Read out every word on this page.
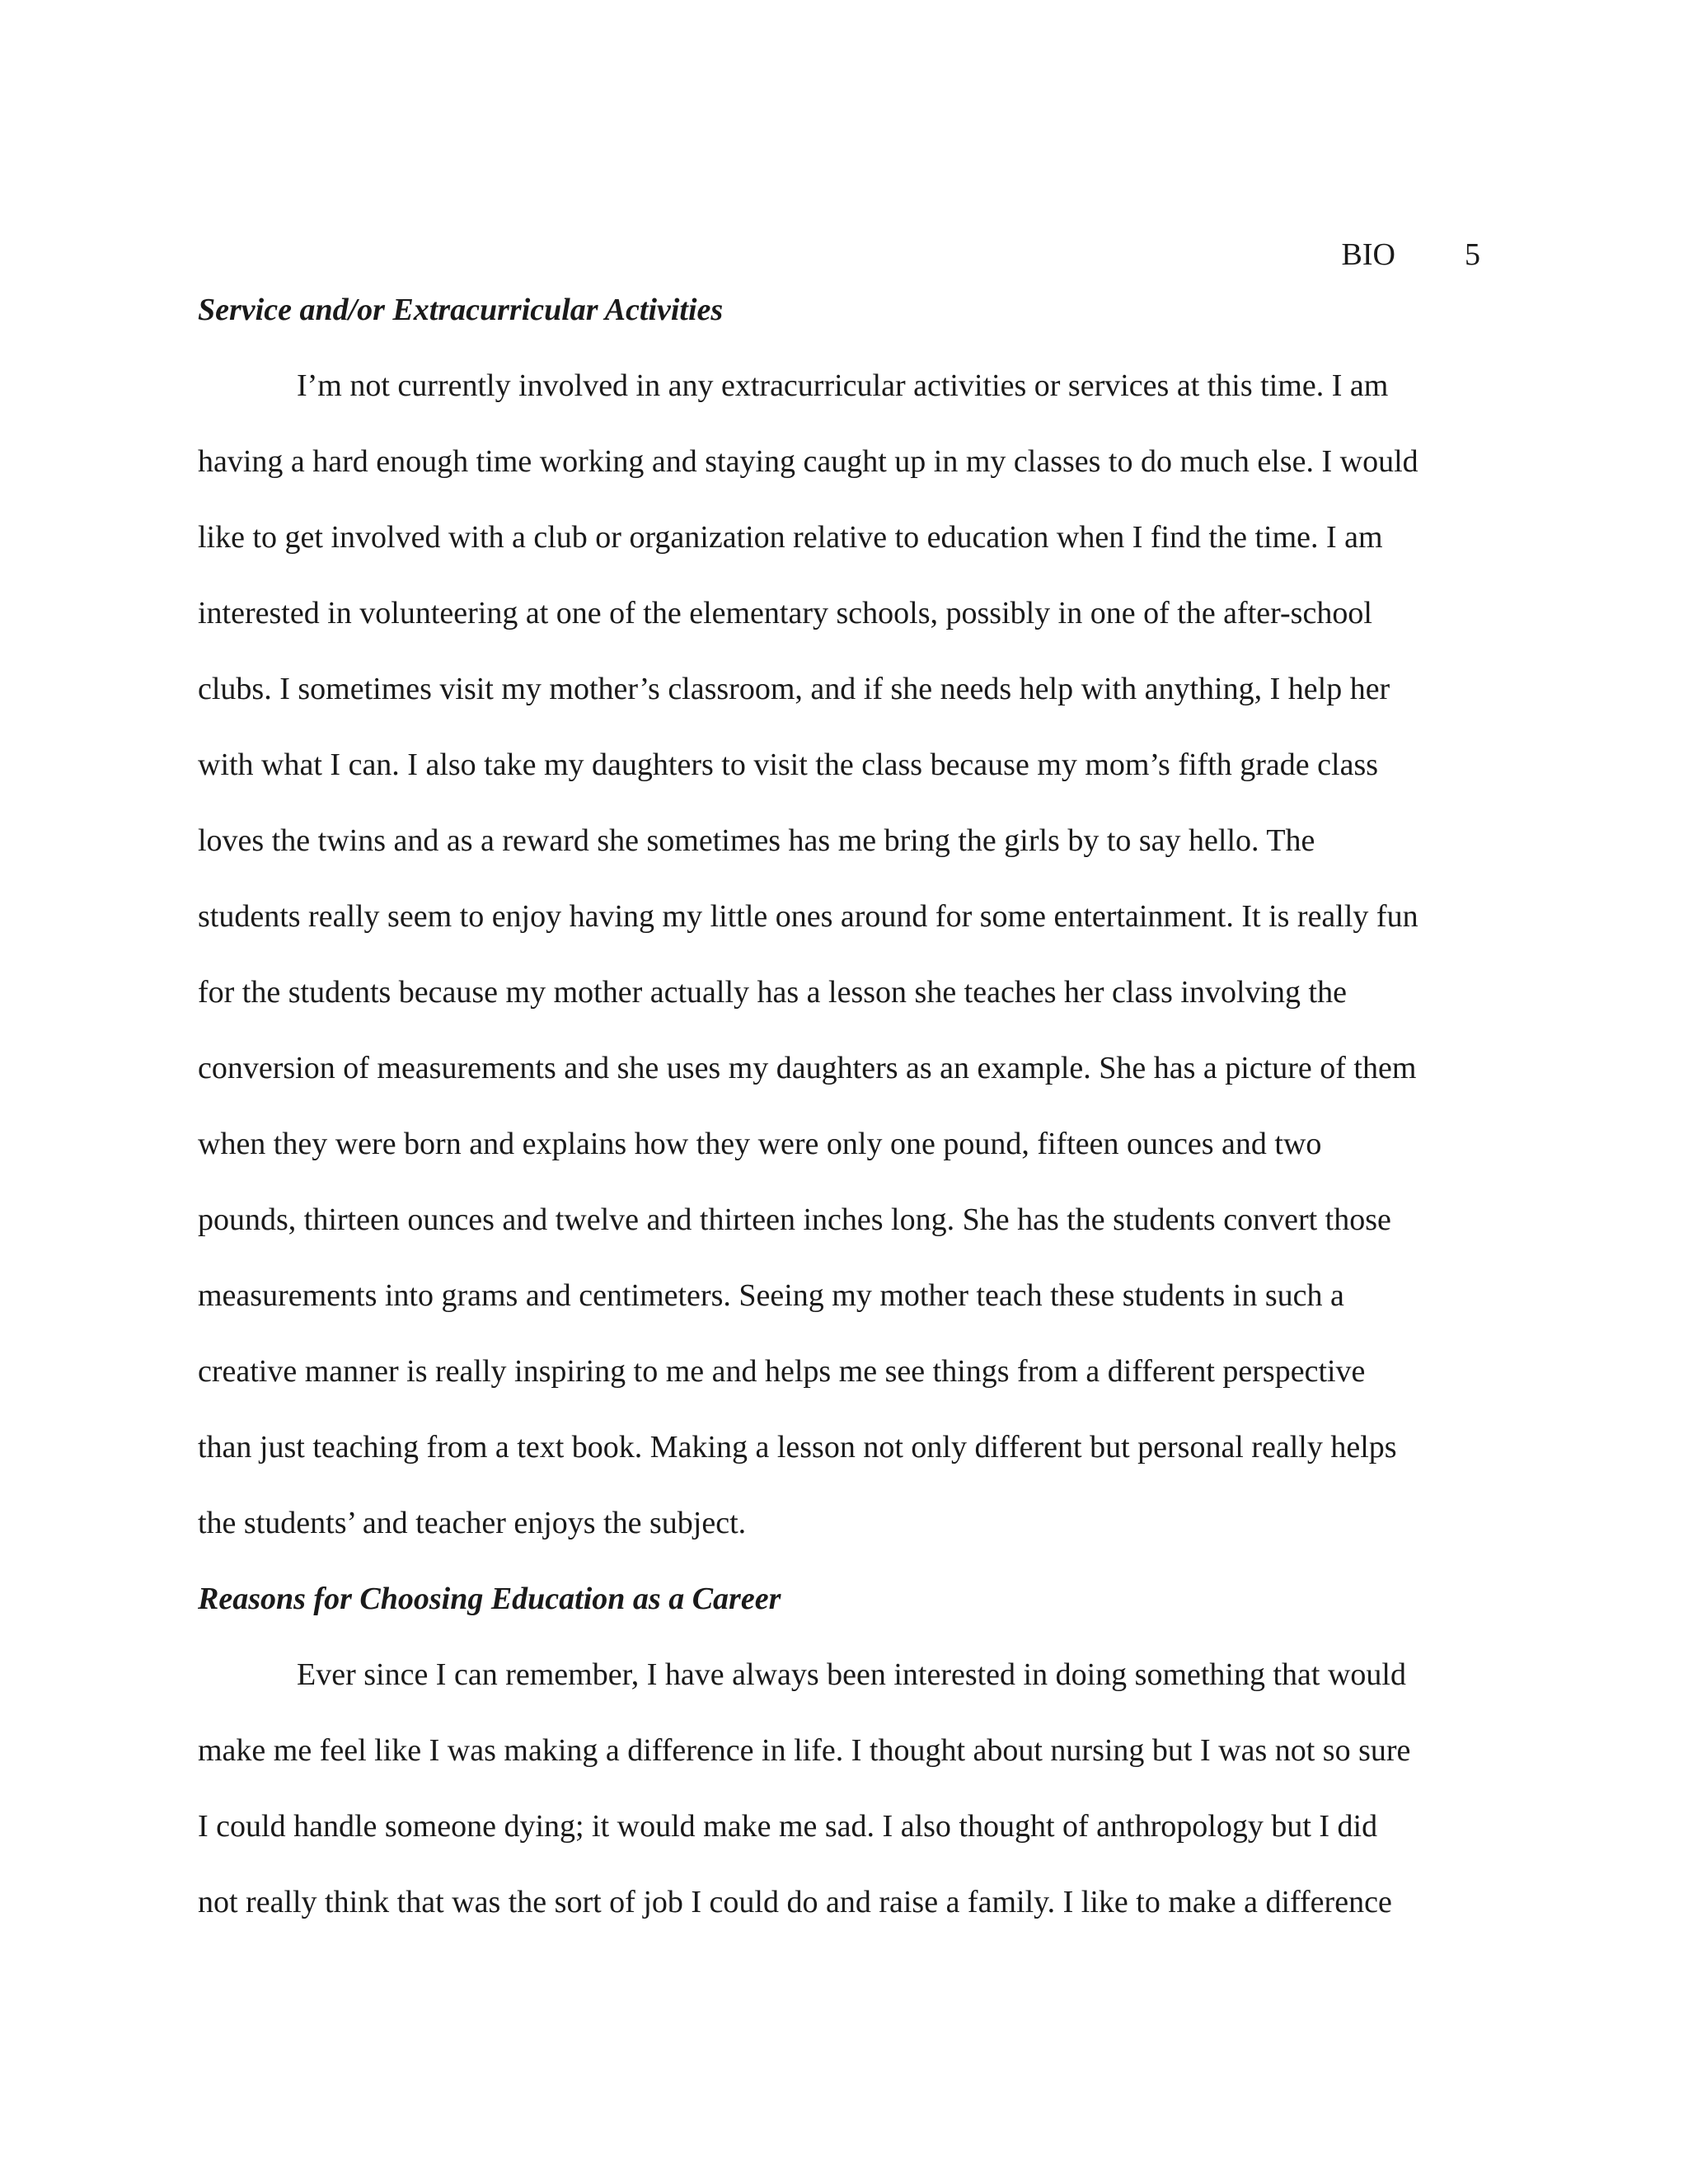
BIO 5
Service and/or Extracurricular Activities

I’m not currently involved in any extracurricular activities or services at this time. I am
having a hard enough time working and staying caught up in my classes to do much else. I would
like to get involved with a club or organization relative to education when I find the time. I am
interested in volunteering at one of the elementary schools, possibly in one of the after-school
clubs. I sometimes visit my mother’s classroom, and if she needs help with anything, I help her
with what I can. I also take my daughters to visit the class because my mom’s fifth grade class
loves the twins and as a reward she sometimes has me bring the girls by to say hello. The
students really seem to enjoy having my little ones around for some entertainment. It is really fun
for the students because my mother actually has a lesson she teaches her class involving the
conversion of measurements and she uses my daughters as an example. She has a picture of them
when they were born and explains how they were only one pound, fifteen ounces and two
pounds, thirteen ounces and twelve and thirteen inches long. She has the students convert those
measurements into grams and centimeters. Seeing my mother teach these students in such a
creative manner is really inspiring to me and helps me see things from a different perspective
than just teaching from a text book. Making a lesson not only different but personal really helps
the students’ and teacher enjoys the subject.

Reasons for Choosing Education as a Career

Ever since I can remember, I have always been interested in doing something that would
make me feel like I was making a difference in life. I thought about nursing but I was not so sure
I could handle someone dying; it would make me sad. I also thought of anthropology but I did
not really think that was the sort of job I could do and raise a family. I like to make a difference
